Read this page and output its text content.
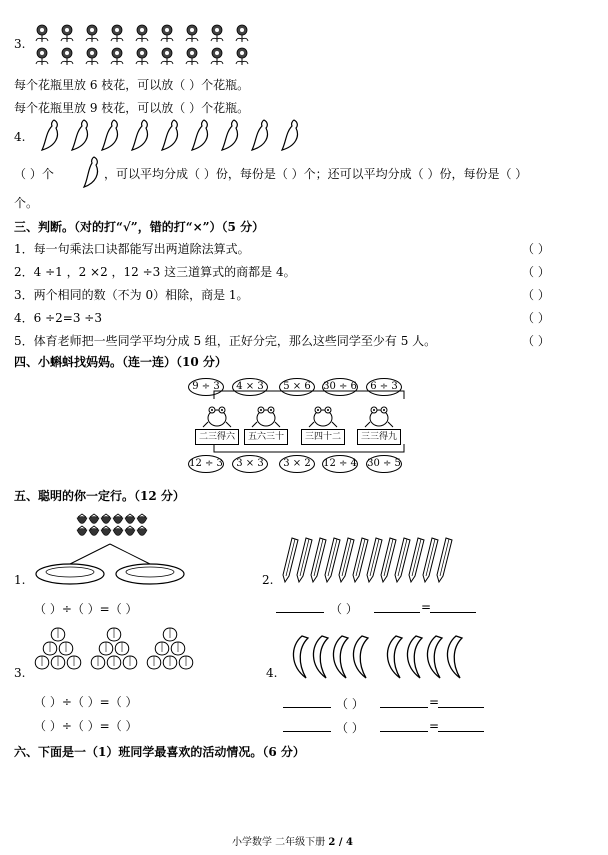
3.
每个花瓶里放 6 枝花，可以放（ ）个花瓶。
每个花瓶里放 9 枝花，可以放（ ）个花瓶。
4.
（ ）个	，可以平均分成（ ）份，每份是（ ）个；还可以平均分成（ ）份，每份是（ ）
个。
三、判断。（对的打“√”，错的打“×”）（5 分）
1．每一句乘法口诀都能写出两道除法算式。	（ ）
2．4 ÷1 ，2 ×2 ，12 ÷3 这三道算式的商都是 4。	（ ）
3．两个相同的数（不为 0）相除，商是 1。	（ ）
4．6 ÷2=3 ÷3	（ ）
5．体育老师把一些同学平均分成 5 组，正好分完，那么这些同学至少有 5 人。	（ ）
四、小蝌蚪找妈妈。（连一连）（10 分）
9 ÷ 3	4 × 3	5 × 6	30 ÷ 6	6 ÷ 3
二三得六	五六三十	三四十二	三三得九
12 ÷ 3	3 × 3	3 × 2	12 ÷ 4 30 ÷ 5
五、聪明的你一定行。（12 分）
1.
（ ）÷（ ）=（ ）
2.
（ ）	=
3.
（ ）÷（ ）=（ ）
（ ）÷（ ）=（ ）
4.
（ ）	=
（ ）	=
六、下面是一（1）班同学最喜欢的活动情况。（6 分）
小学数学 二年级下册 2 / 4
